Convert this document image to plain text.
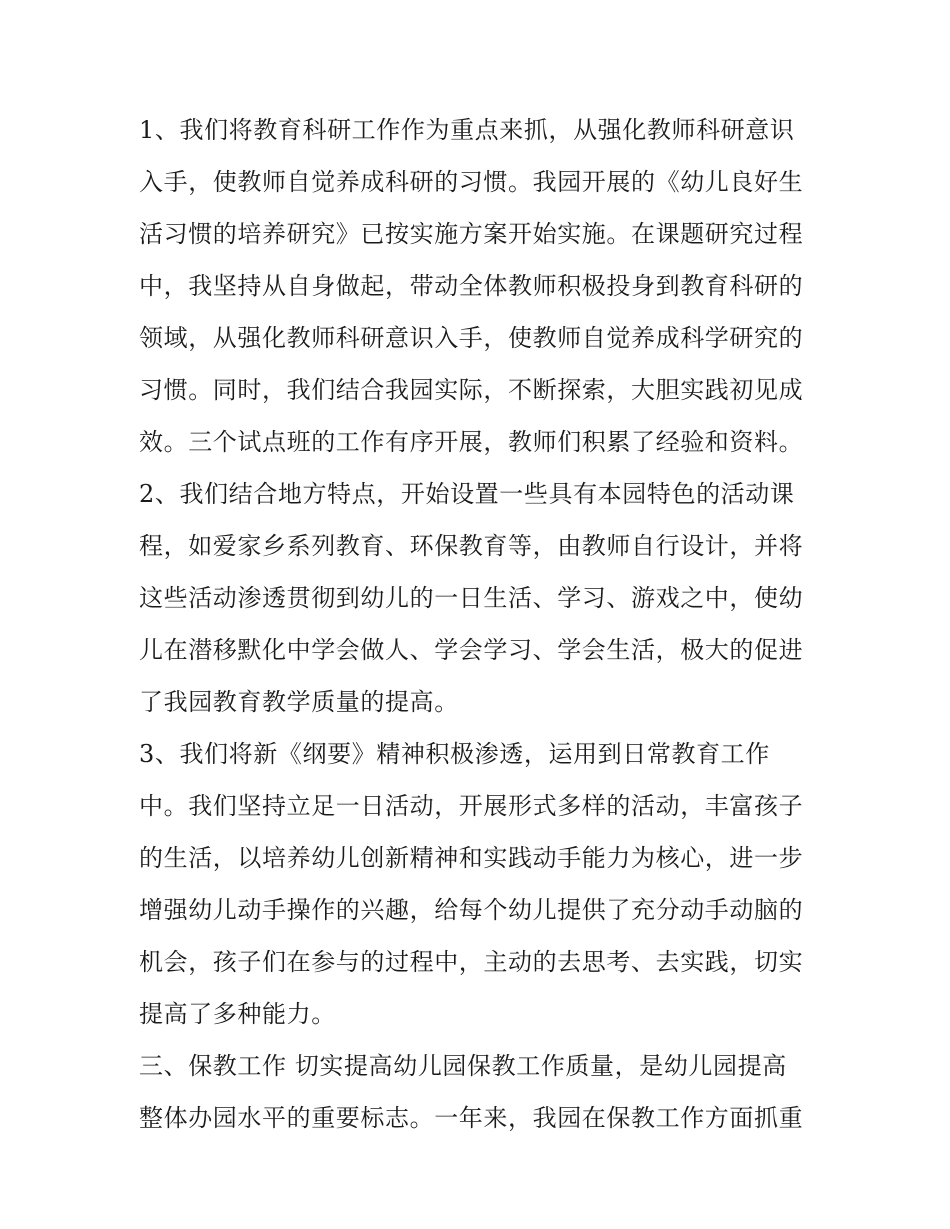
1、我们将教育科研工作作为重点来抓，从强化教师科研意识
入手，使教师自觉养成科研的习惯。我园开展的《幼儿良好生
活习惯的培养研究》已按实施方案开始实施。在课题研究过程
中，我坚持从自身做起，带动全体教师积极投身到教育科研的
领域，从强化教师科研意识入手，使教师自觉养成科学研究的
习惯。同时，我们结合我园实际，不断探索，大胆实践初见成
效。三个试点班的工作有序开展，教师们积累了经验和资料。
2、我们结合地方特点，开始设置一些具有本园特色的活动课
程，如爱家乡系列教育、环保教育等，由教师自行设计，并将
这些活动渗透贯彻到幼儿的一日生活、学习、游戏之中，使幼
儿在潜移默化中学会做人、学会学习、学会生活，极大的促进
了我园教育教学质量的提高。
3、我们将新《纲要》精神积极渗透，运用到日常教育工作
中。我们坚持立足一日活动，开展形式多样的活动，丰富孩子
的生活，以培养幼儿创新精神和实践动手能力为核心，进一步
增强幼儿动手操作的兴趣，给每个幼儿提供了充分动手动脑的
机会，孩子们在参与的过程中，主动的去思考、去实践，切实
提高了多种能力。
三、保教工作 切实提高幼儿园保教工作质量，是幼儿园提高
整体办园水平的重要标志。一年来，我园在保教工作方面抓重
